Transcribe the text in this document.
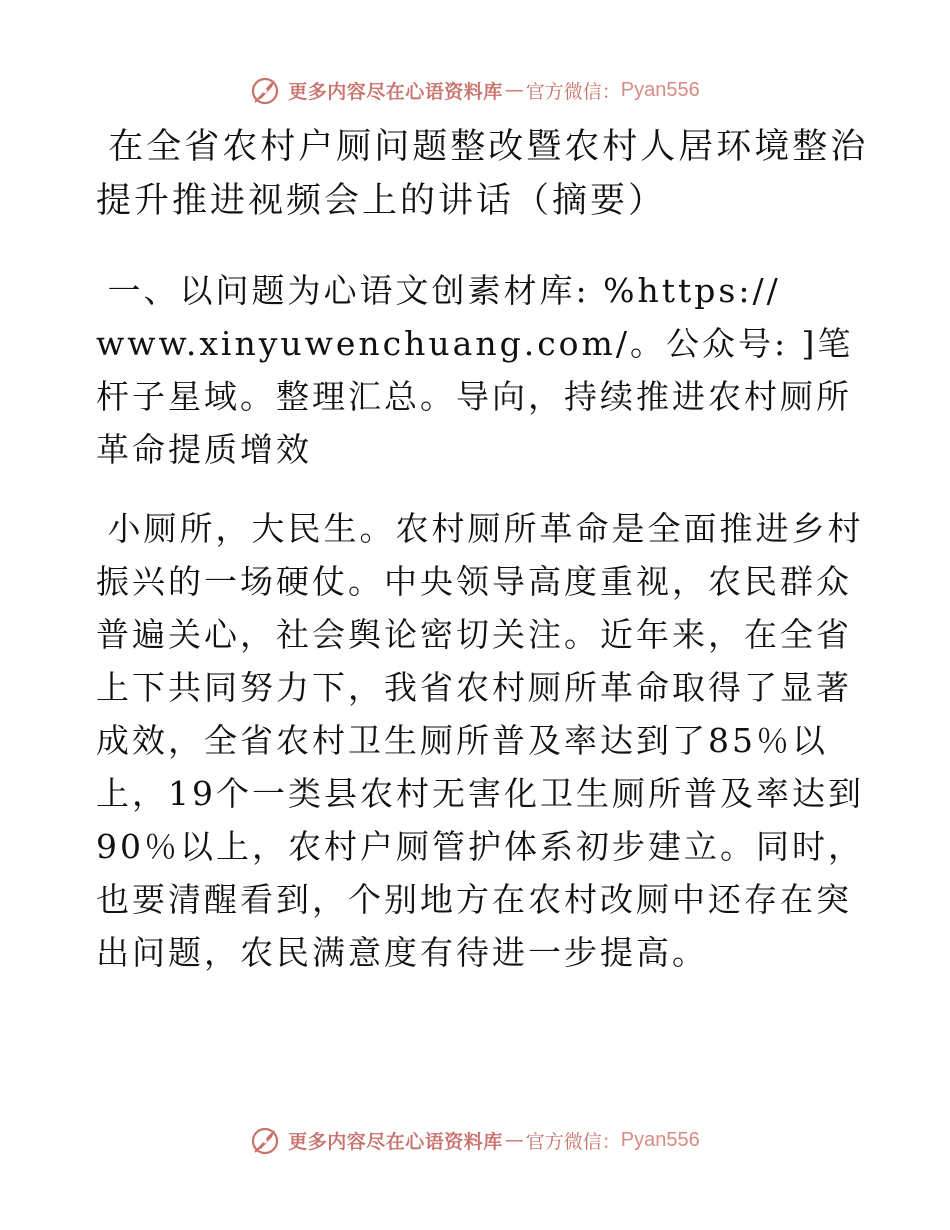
更多内容尽在心语资料库 — 官方微信： Pyan556
在全省农村户厕问题整改暨农村人居环境整治提升推进视频会上的讲话（摘要）

一、以问题为心语文创素材库: %https:// www.xinyuwenchuang.com/。公众号: ]笔杆子星域。整理汇总。导向，持续推进农村厕所革命提质增效

小厕所，大民生。农村厕所革命是全面推进乡村振兴的一场硬仗。中央领导高度重视，农民群众普遍关心，社会舆论密切关注。近年来，在全省上下共同努力下，我省农村厕所革命取得了显著成效，全省农村卫生厕所普及率达到了85％以上，19个一类县农村无害化卫生厕所普及率达到90％以上，农村户厕管护体系初步建立。同时，也要清醒看到，个别地方在农村改厕中还存在突出问题，农民满意度有待进一步提高。

更多内容尽在心语资料库 — 官方微信： Pyan556
